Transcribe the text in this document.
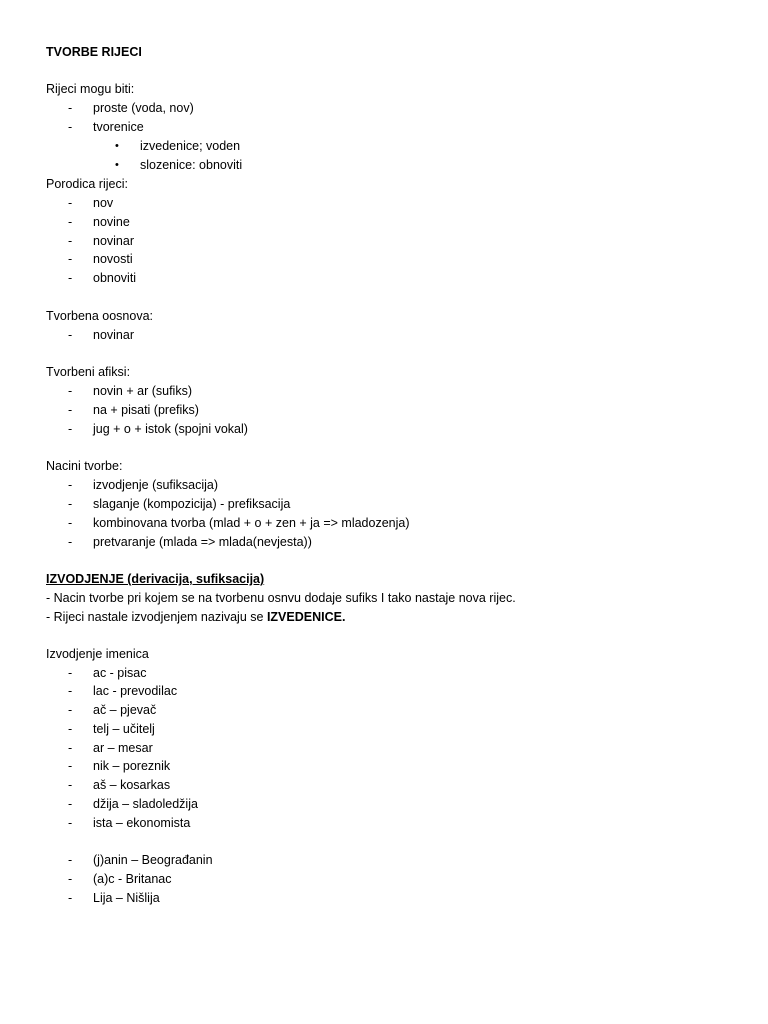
TVORBE RIJECI
Rijeci mogu biti:
- proste (voda, nov)
- tvorenice
• izvedenice; voden
• slozenice: obnoviti
Porodica rijeci:
- nov
- novine
- novinar
- novosti
- obnoviti
Tvorbena oosnova:
- novinar
Tvorbeni afiksi:
- novin + ar (sufiks)
- na + pisati (prefiks)
- jug + o + istok (spojni vokal)
Nacini tvorbe:
- izvodjenje (sufiksacija)
- slaganje (kompozicija) - prefiksacija
- kombinovana tvorba (mlad + o + zen + ja => mladozenja)
- pretvaranje (mlada => mlada(nevjesta))
IZVODJENJE (derivacija, sufiksacija)
- Nacin tvorbe pri kojem se na tvorbenu osnvu dodaje sufiks I tako nastaje nova rijec.
- Rijeci nastale izvodjenjem nazivaju se IZVEDENICE.
Izvodjenje imenica
- ac - pisac
- lac - prevodilac
- ač – pjevač
- telj – učitelj
- ar – mesar
- nik – poreznik
- aš – kosarkas
- džija – sladoledžija
- ista – ekonomista
- (j)anin – Beograđanin
- (a)c - Britanac
- Lija – Nišlija
